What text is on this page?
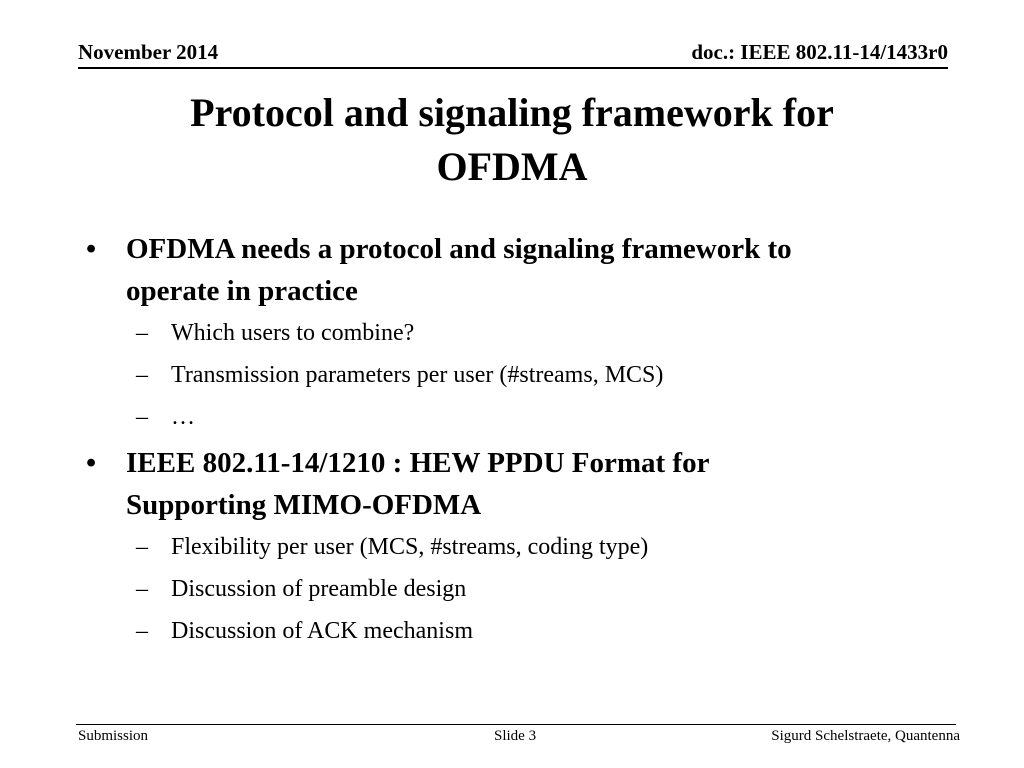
November 2014	doc.: IEEE 802.11-14/1433r0
Protocol and signaling framework for
OFDMA
•	OFDMA needs a protocol and signaling framework to
operate in practice
– Which users to combine?
– Transmission parameters per user (#streams, MCS)
– …
•	IEEE 802.11-14/1210 : HEW PPDU Format for
Supporting MIMO-OFDMA
– Flexibility per user (MCS, #streams, coding type)
– Discussion of preamble design
– Discussion of ACK mechanism
Submission	Slide 3	Sigurd Schelstraete, Quantenna
